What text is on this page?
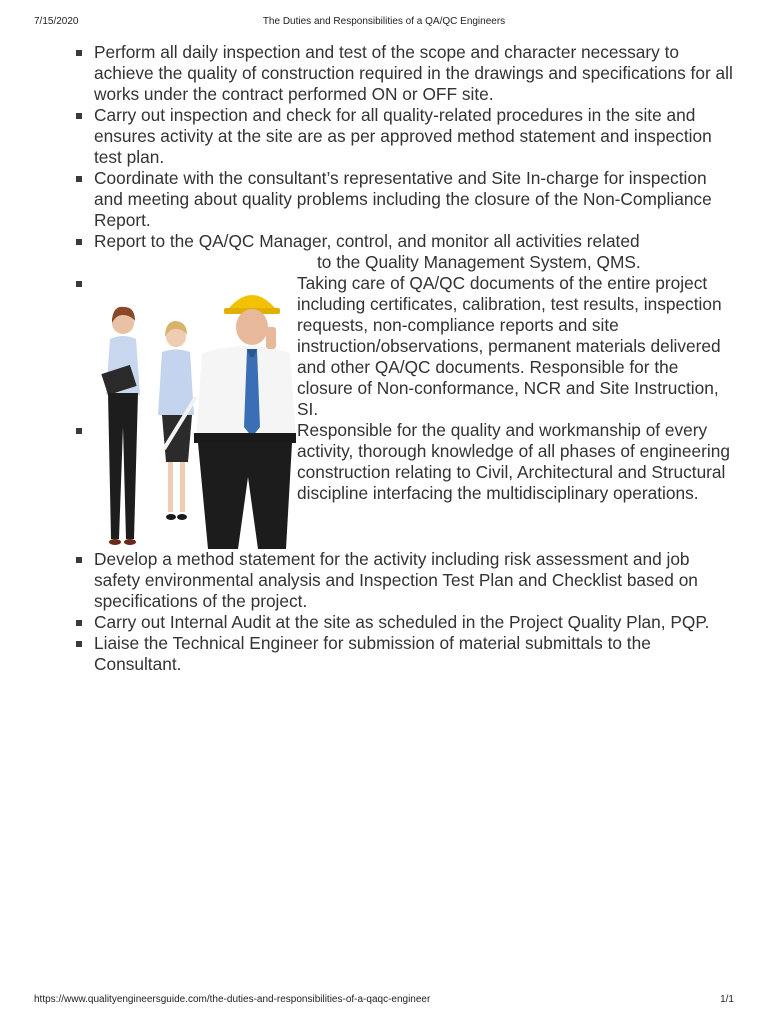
7/15/2020	The Duties and Responsibilities of a QA/QC Engineers
Perform all daily inspection and test of the scope and character necessary to achieve the quality of construction required in the drawings and specifications for all works under the contract performed ON or OFF site.
Carry out inspection and check for all quality-related procedures in the site and ensures activity at the site are as per approved method statement and inspection test plan.
Coordinate with the consultant’s representative and Site In-charge for inspection and meeting about quality problems including the closure of the Non-Compliance Report.
Report to the QA/QC Manager, control, and monitor all activities related
to the Quality Management System, QMS.
Taking care of QA/QC documents of the entire project including certificates, calibration, test results, inspection requests, non-compliance reports and site instruction/observations, permanent materials delivered and other QA/QC documents. Responsible for the closure of Non-conformance, NCR and Site Instruction, SI.
Responsible for the quality and workmanship of every activity, thorough knowledge of all phases of engineering construction relating to Civil, Architectural and Structural discipline interfacing the multidisciplinary operations.
Develop a method statement for the activity including risk assessment and job safety environmental analysis and Inspection Test Plan and Checklist based on specifications of the project.
Carry out Internal Audit at the site as scheduled in the Project Quality Plan, PQP.
Liaise the Technical Engineer for submission of material submittals to the Consultant.
https://www.qualityengineersguide.com/the-duties-and-responsibilities-of-a-qaqc-engineer	1/1
